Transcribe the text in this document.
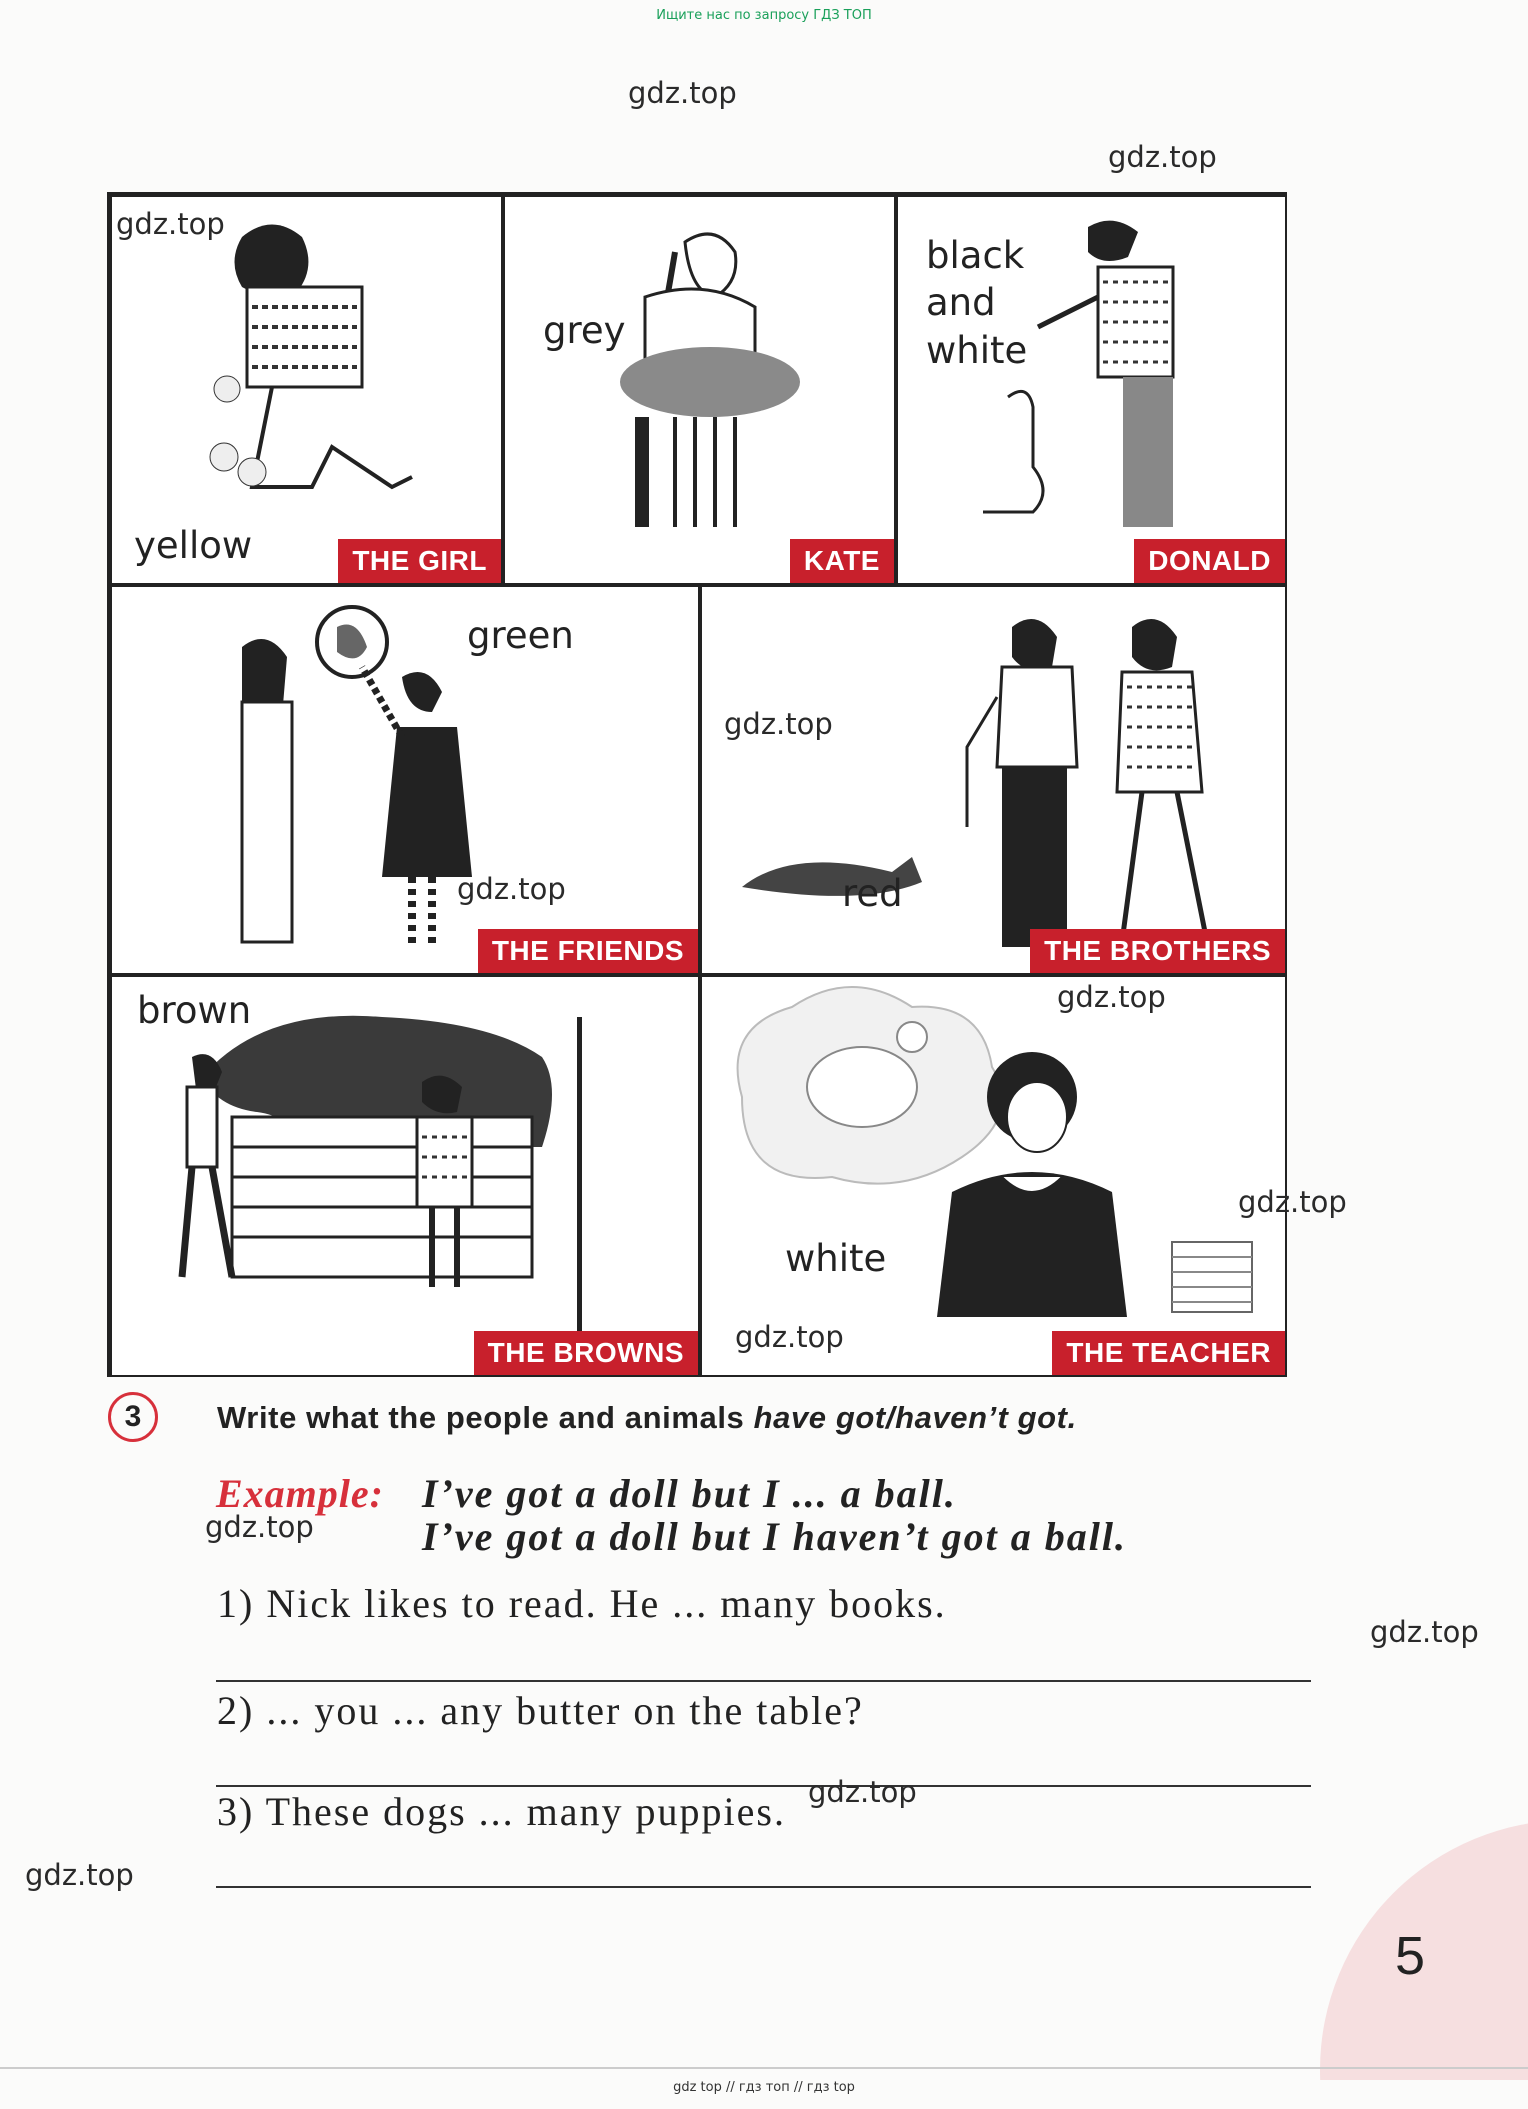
Ищите нас по запросу ГДЗ ТОП
gdz.top
gdz.top
yellow	THE GIRL
gdz.top
grey
KATE
black
and
white
DONALD
green
THE FRIENDS
gdz.top
gdz.top
red
THE BROTHERS
brown
THE BROWNS
gdz.top
white
gdz.top	THE TEACHER
gdz.top
3	Write what the people and animals have got/haven’t got.
Example: I’ve got a doll but I ... a ball.
gdz.top	I’ve got a doll but I haven’t got a ball.
1) Nick likes to read. He ... many books.
gdz.top
2) ... you ... any butter on the table?
3) These dogs ... many puppies. gdz.top
gdz.top
5
gdz top // гдз топ // гдз top
